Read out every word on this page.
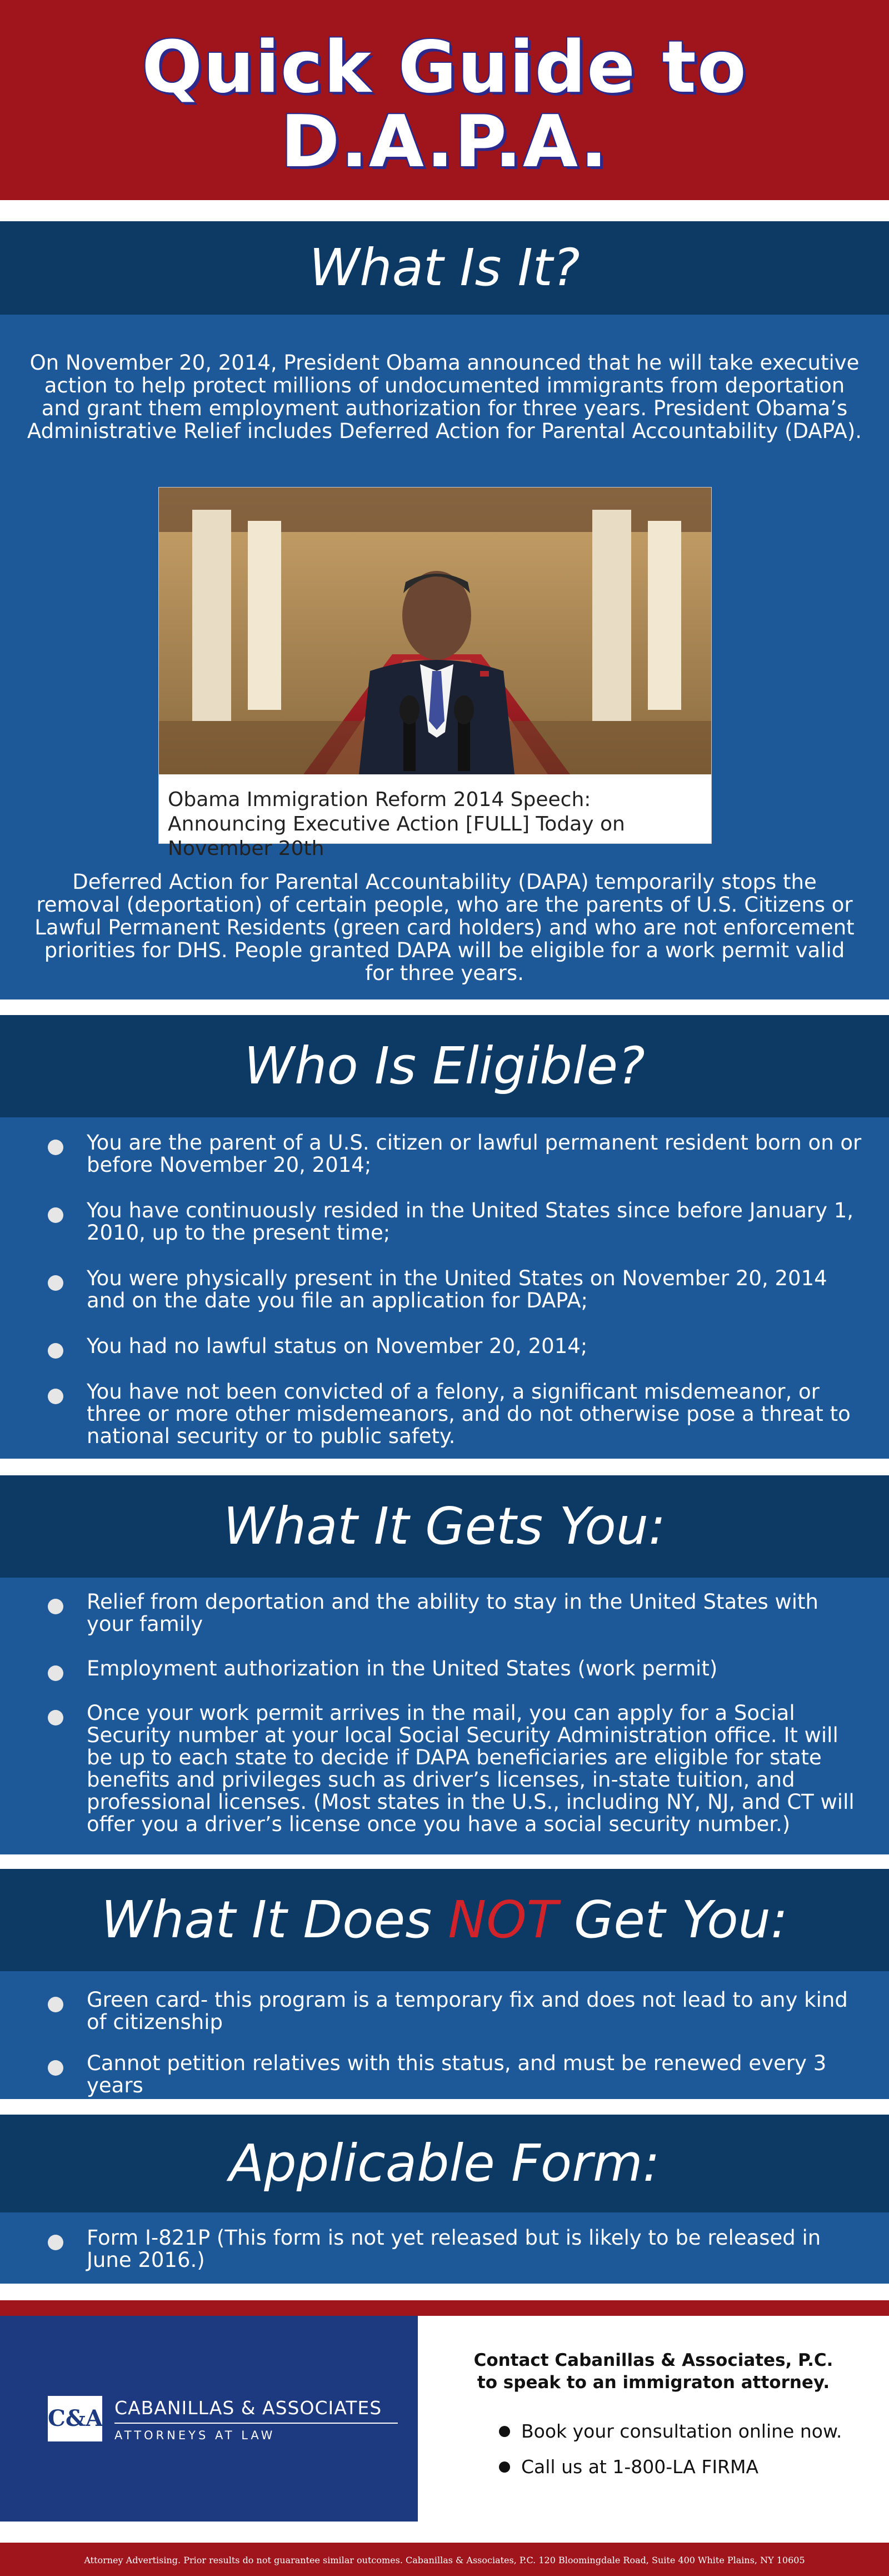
Quick Guide to
D.A.P.A.
What Is It?
On November 20, 2014, President Obama announced that he will take executive action to help protect millions of undocumented immigrants from deportation and grant them employment authorization for three years. President Obama’s Administrative Relief includes Deferred Action for Parental Accountability (DAPA).
Deferred Action for Parental Accountability (DAPA) temporarily stops the removal (deportation) of certain people, who are the parents of U.S. Citizens or Lawful Permanent Residents (green card holders) and who are not enforcement priorities for DHS. People granted DAPA will be eligible for a work permit valid for three years.
Obama Immigration Reform 2014 Speech: Announcing Executive Action [FULL] Today on November 20th
Who Is Eligible?
You are the parent of a U.S. citizen or lawful permanent resident born on or before November 20, 2014;
You have continuously resided in the United States since before January 1, 2010, up to the present time;
You were physically present in the United States on November 20, 2014 and on the date you file an application for DAPA;
You had no lawful status on November 20, 2014;
You have not been convicted of a felony, a significant misdemeanor, or three or more other misdemeanors, and do not otherwise pose a threat to national security or to public safety.
What It Gets You:
Relief from deportation and the ability to stay in the United States with your family
Employment authorization in the United States (work permit)
Once your work permit arrives in the mail, you can apply for a Social Security number at your local Social Security Administration office. It will be up to each state to decide if DAPA beneficiaries are eligible for state benefits and privileges such as driver’s licenses, in-state tuition, and professional licenses. (Most states in the U.S., including NY, NJ, and CT will offer you a driver’s license once you have a social security number.)
What It Does NOT Get You:
Green card- this program is a temporary fix and does not lead to any kind of citizenship
Cannot petition relatives with this status, and must be renewed every 3 years
Applicable Form:
Form I-821P (This form is not yet released but is likely to be released in June 2016.)
C&A CABANILLAS & ASSOCIATES
ATTORNEYS AT LAW
Contact Cabanillas & Associates, P.C.
to speak to an immigraton attorney.
Book your consultation online now.
Call us at 1-800-LA FIRMA
Attorney Advertising. Prior results do not guarantee similar outcomes. Cabanillas & Associates, P.C. 120 Bloomingdale Road, Suite 400 White Plains, NY 10605
